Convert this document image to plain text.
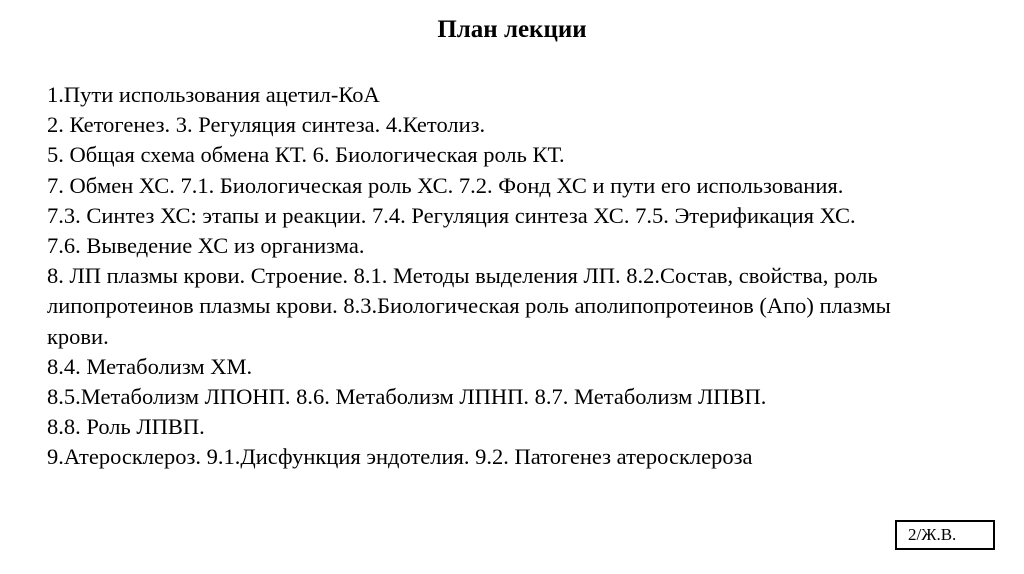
План лекции
1.Пути использования ацетил-КоА
2. Кетогенез. 3. Регуляция синтеза. 4.Кетолиз.
5. Общая схема обмена КТ. 6. Биологическая роль КТ.
7. Обмен ХС. 7.1. Биологическая роль ХС. 7.2. Фонд ХС и пути его использования.
7.3. Синтез ХС: этапы и реакции. 7.4. Регуляция синтеза ХС. 7.5. Этерификация ХС.
7.6. Выведение ХС из организма.
8. ЛП плазмы крови. Строение. 8.1. Методы выделения ЛП. 8.2.Состав, свойства, роль
липопротеинов плазмы крови. 8.3.Биологическая роль аполипопротеинов (Апо) плазмы
крови.
8.4. Метаболизм ХМ.
8.5.Метаболизм ЛПОНП. 8.6. Метаболизм ЛПНП. 8.7. Метаболизм ЛПВП.
8.8. Роль ЛПВП.
9.Атеросклероз. 9.1.Дисфункция эндотелия. 9.2. Патогенез атеросклероза
2/Ж.В.
